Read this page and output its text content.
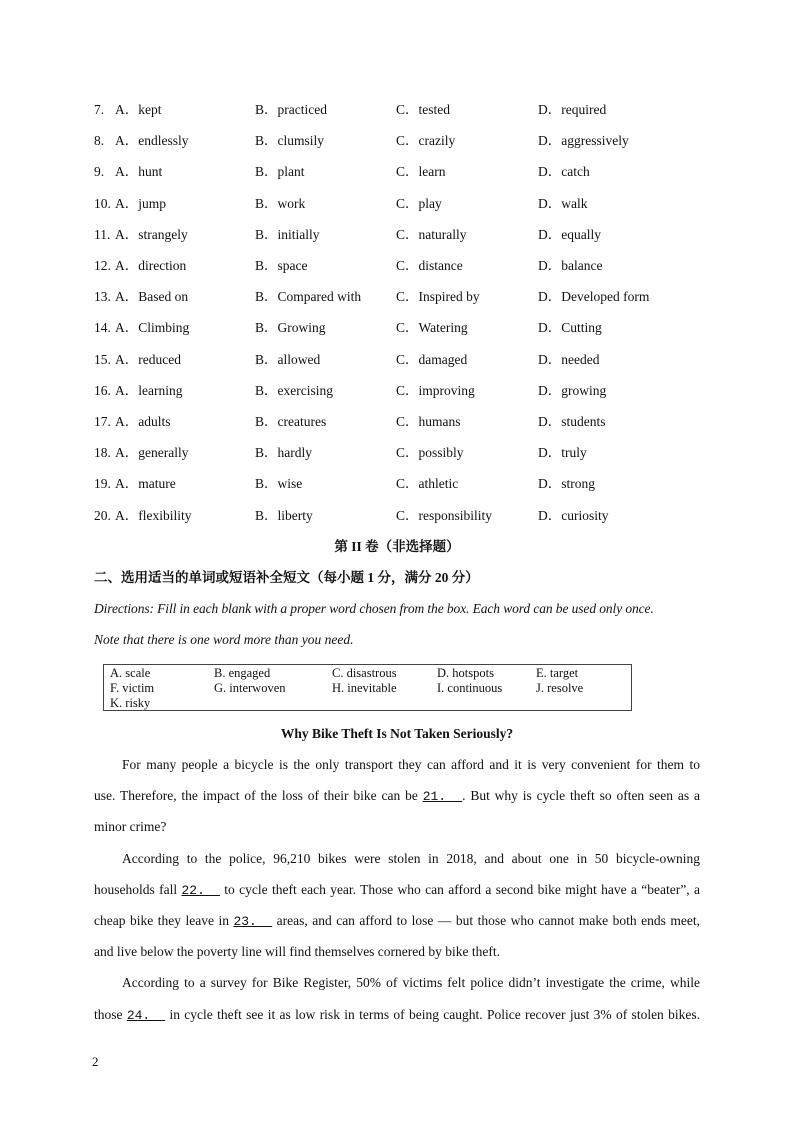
7. A．kept	B．practiced	C．tested	D．required
8. A．endlessly	B．clumsily	C．crazily	D．aggressively
9. A．hunt	B．plant	C．learn	D．catch
10. A．jump	B．work	C．play	D．walk
11. A．strangely	B．initially	C．naturally	D．equally
12. A．direction	B．space	C．distance	D．balance
13. A．Based on	B．Compared with	C．Inspired by	D．Developed form
14. A．Climbing	B．Growing	C．Watering	D．Cutting
15. A．reduced	B．allowed	C．damaged	D．needed
16. A．learning	B．exercising	C．improving	D．growing
17. A．adults	B．creatures	C．humans	D．students
18. A．generally	B．hardly	C．possibly	D．truly
19. A．mature	B．wise	C．athletic	D．strong
20. A．flexibility	B．liberty	C．responsibility	D．curiosity
第 II 卷（非选择题）
二、选用适当的单词或短语补全短文（每小题 1 分，满分 20 分）
Directions: Fill in each blank with a proper word chosen from the box. Each word can be used only once.
Note that there is one word more than you need.
A. scale	B. engaged	C. disastrous	D. hotspots	E. target
F. victim	G. interwoven	H. inevitable	I. continuous	J. resolve
K. risky
Why Bike Theft Is Not Taken Seriously?
For many people a bicycle is the only transport they can afford and it is very convenient for them to
use. Therefore, the impact of the loss of their bike can be 21.　. But why is cycle theft so often seen as a
minor crime?
According to the police, 96,210 bikes were stolen in 2018, and about one in 50 bicycle-owning
households fall 22.　 to cycle theft each year. Those who can afford a second bike might have a “beater”, a
cheap bike they leave in 23.　 areas, and can afford to lose — but those who cannot make both ends meet,
and live below the poverty line will find themselves cornered by bike theft.
According to a survey for Bike Register, 50% of victims felt police didn’t investigate the crime, while
those 24.　 in cycle theft see it as low risk in terms of being caught. Police recover just 3% of stolen bikes.
2
